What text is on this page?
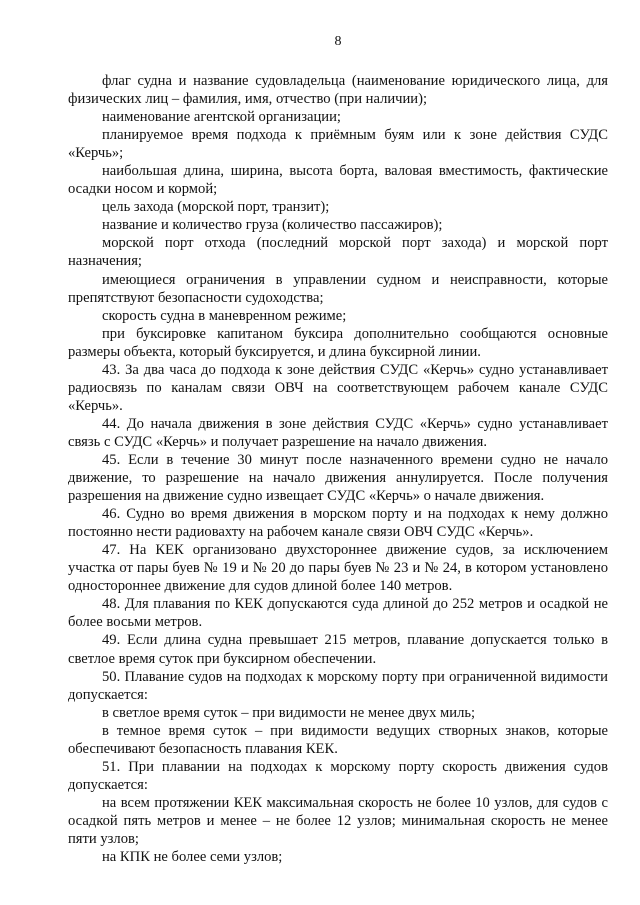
8

флаг судна и название судовладельца (наименование юридического лица, для физических лиц – фамилия, имя, отчество (при наличии);

наименование агентской организации;

планируемое время подхода к приёмным буям или к зоне действия СУДС «Керчь»;

наибольшая длина, ширина, высота борта, валовая вместимость, фактические осадки носом и кормой;

цель захода (морской порт, транзит);

название и количество груза (количество пассажиров);

морской порт отхода (последний морской порт захода) и морской порт назначения;

имеющиеся ограничения в управлении судном и неисправности, которые препятствуют безопасности судоходства;

скорость судна в маневренном режиме;

при буксировке капитаном буксира дополнительно сообщаются основные размеры объекта, который буксируется, и длина буксирной линии.

43. За два часа до подхода к зоне действия СУДС «Керчь» судно устанавливает радиосвязь по каналам связи ОВЧ на соответствующем рабочем канале СУДС «Керчь».

44. До начала движения в зоне действия СУДС «Керчь» судно устанавливает связь с СУДС «Керчь» и получает разрешение на начало движения.

45. Если в течение 30 минут после назначенного времени судно не начало движение, то разрешение на начало движения аннулируется. После получения разрешения на движение судно извещает СУДС «Керчь» о начале движения.

46. Судно во время движения в морском порту и на подходах к нему должно постоянно нести радиовахту на рабочем канале связи ОВЧ СУДС «Керчь».

47. На КЕК организовано двухстороннее движение судов, за исключением участка от пары буев № 19 и № 20 до пары буев № 23 и № 24, в котором установлено одностороннее движение для судов длиной более 140 метров.

48. Для плавания по КЕК допускаются суда длиной до 252 метров и осадкой не более восьми метров.

49. Если длина судна превышает 215 метров, плавание допускается только в светлое время суток при буксирном обеспечении.

50. Плавание судов на подходах к морскому порту при ограниченной видимости допускается:

в светлое время суток – при видимости не менее двух миль;

в темное время суток – при видимости ведущих створных знаков, которые обеспечивают безопасность плавания КЕК.

51. При плавании на подходах к морскому порту скорость движения судов допускается:

на всем протяжении КЕК максимальная скорость не более 10 узлов, для судов с осадкой пять метров и менее – не более 12 узлов; минимальная скорость не менее пяти узлов;

на КПК не более семи узлов;
